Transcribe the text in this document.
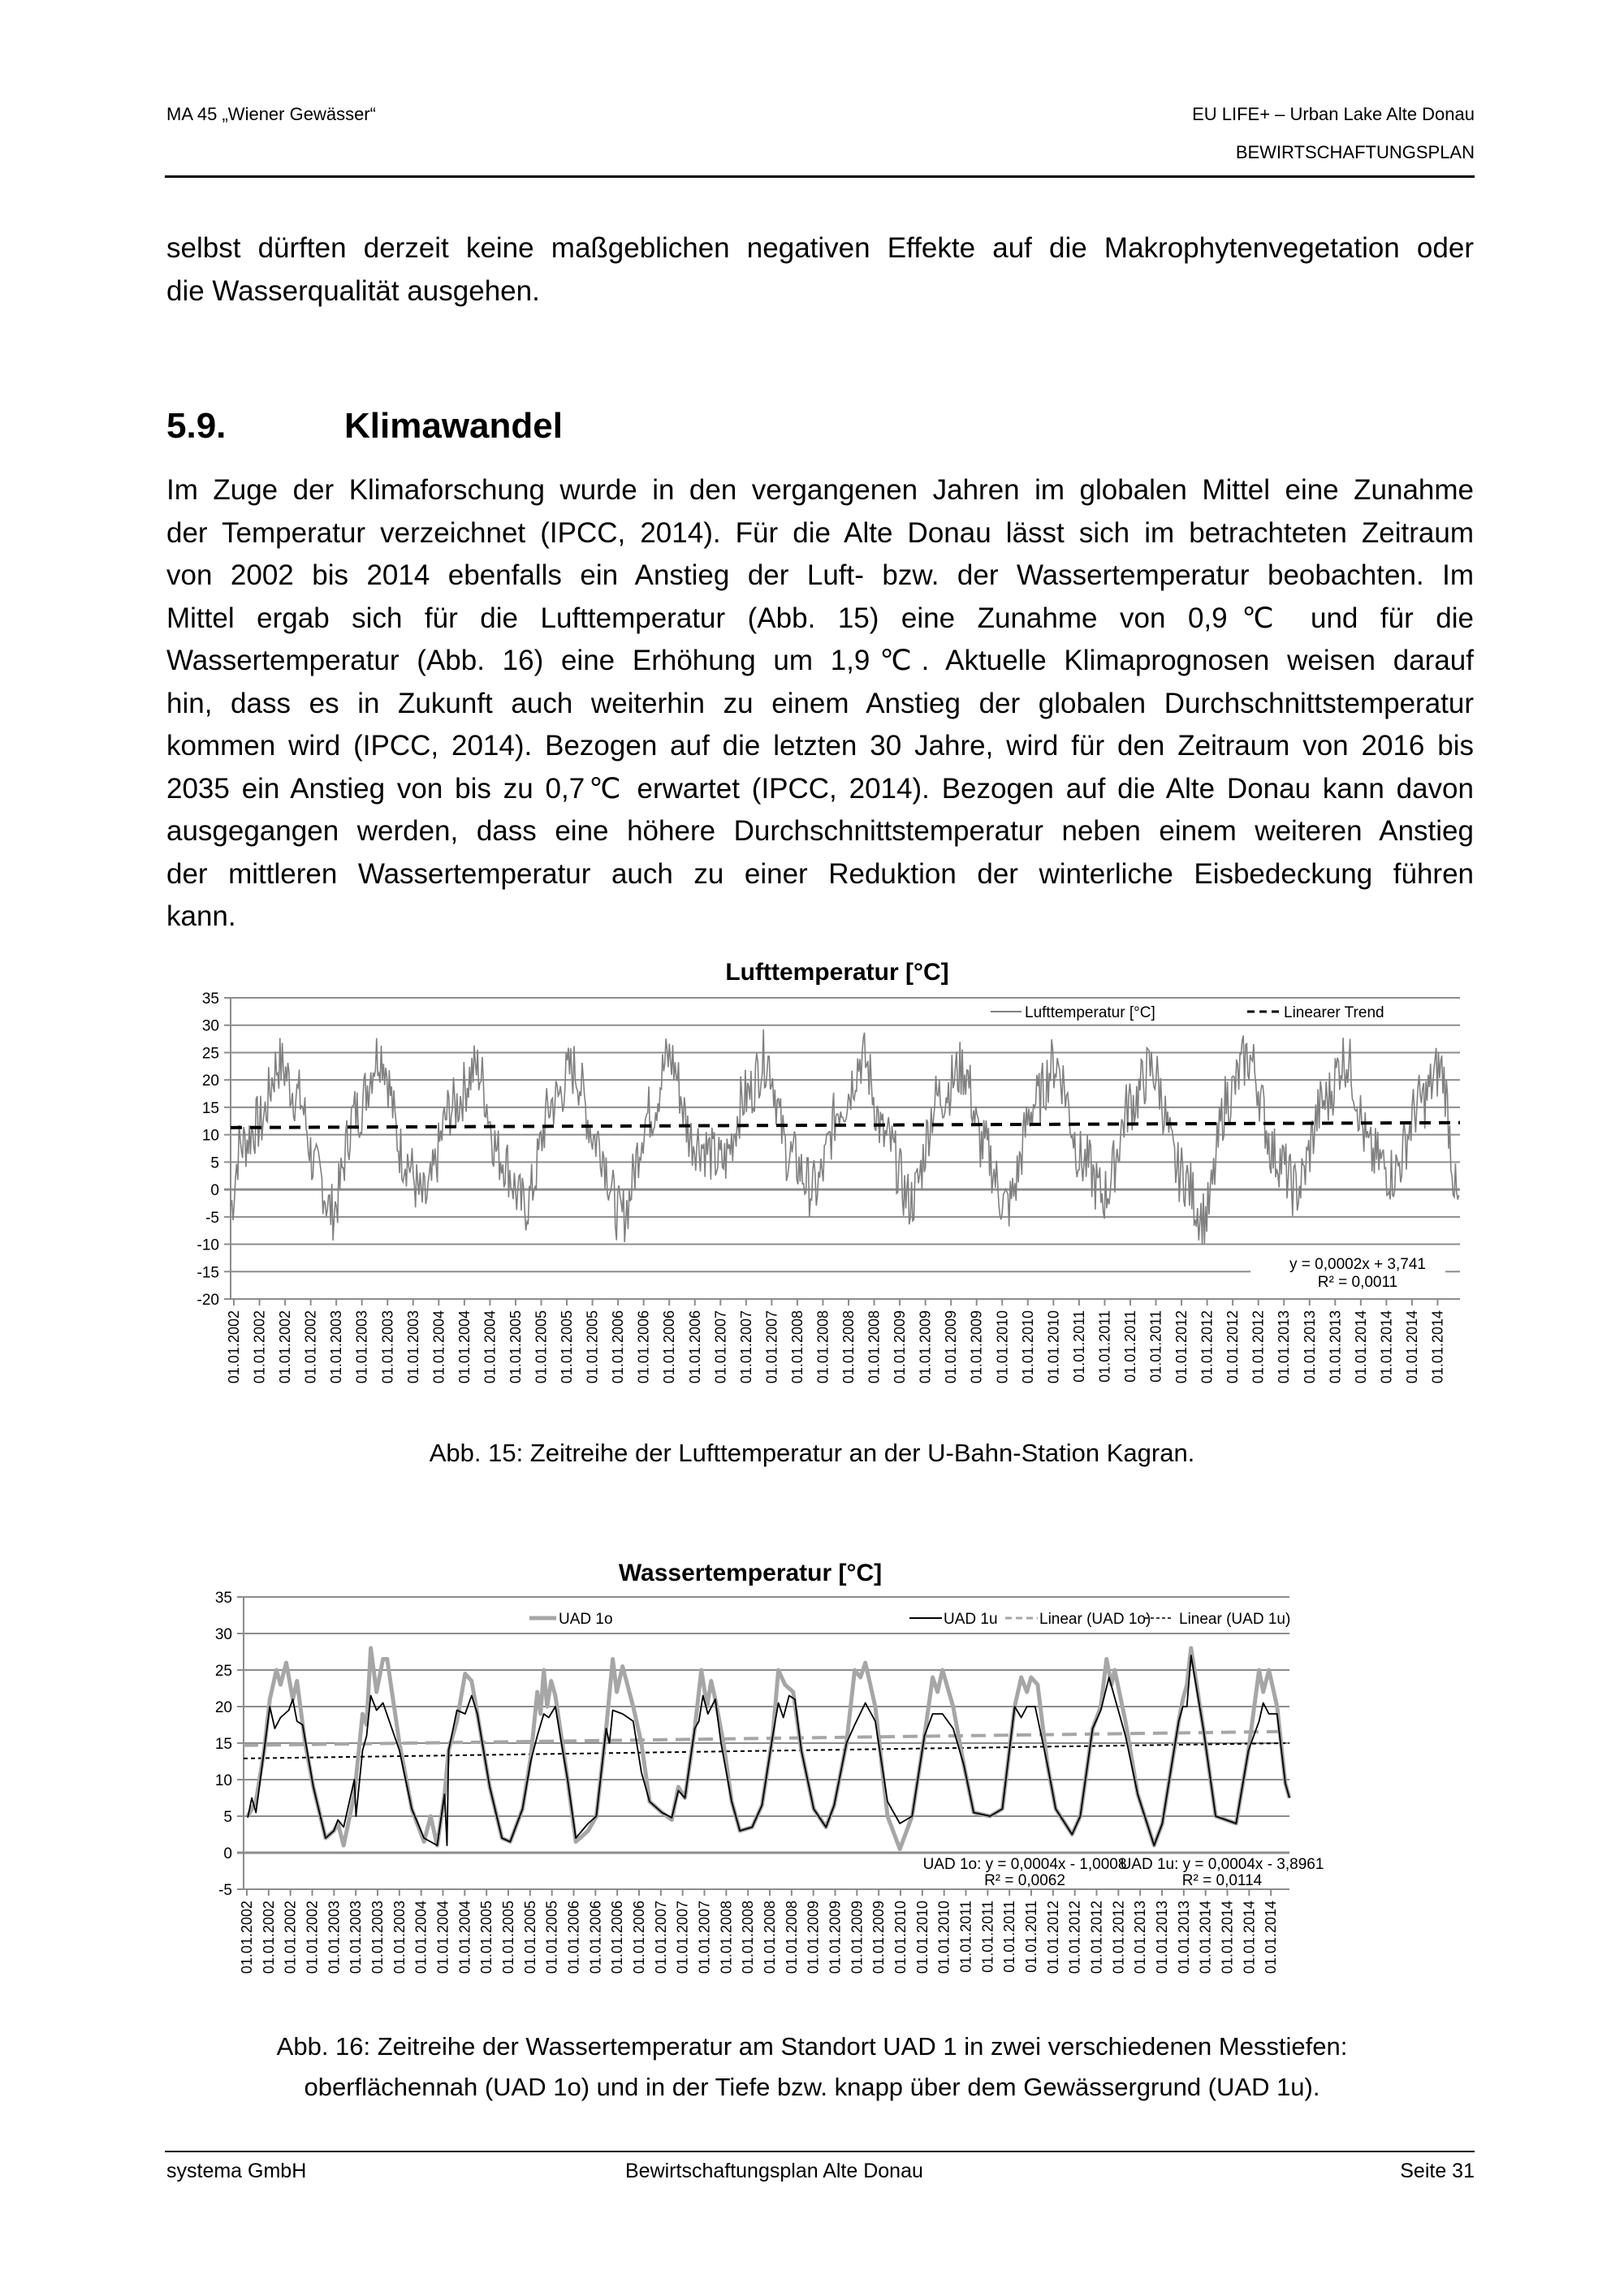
MA 45 „Wiener Gewässer“	EU LIFE+ – Urban Lake Alte Donau
BEWIRTSCHAFTUNGSPLAN
selbst dürften derzeit keine maßgeblichen negativen Effekte auf die Makrophytenvegetation oder
die Wasserqualität ausgehen.
5.9.	Klimawandel
Im Zuge der Klimaforschung wurde in den vergangenen Jahren im globalen Mittel eine Zunahme
der Temperatur verzeichnet (IPCC, 2014). Für die Alte Donau lässt sich im betrachteten Zeitraum
von 2002 bis 2014 ebenfalls ein Anstieg der Luft- bzw. der Wassertemperatur beobachten. Im
Mittel ergab sich für die Lufttemperatur (Abb. 15) eine Zunahme von 0,9℃ und für die
Wassertemperatur (Abb. 16) eine Erhöhung um 1,9℃. Aktuelle Klimaprognosen weisen darauf
hin, dass es in Zukunft auch weiterhin zu einem Anstieg der globalen Durchschnittstemperatur
kommen wird (IPCC, 2014). Bezogen auf die letzten 30 Jahre, wird für den Zeitraum von 2016 bis
2035 ein Anstieg von bis zu 0,7℃ erwartet (IPCC, 2014). Bezogen auf die Alte Donau kann davon
ausgegangen werden, dass eine höhere Durchschnittstemperatur neben einem weiteren Anstieg
der mittleren Wassertemperatur auch zu einer Reduktion der winterliche Eisbedeckung führen
kann.
Lufttemperatur [°C]
35
30
25
20
15
10
5
0
-5
-10
-15
-20
01.01.2002 01.01.2002 01.01.2002 01.01.2002 01.01.2003 01.01.2003 01.01.2003 01.01.2003 01.01.2004 01.01.2004 01.01.2004 01.01.2005 01.01.2005 01.01.2005 01.01.2005 01.01.2006 01.01.2006 01.01.2006 01.01.2006 01.01.2007 01.01.2007 01.01.2007 01.01.2008 01.01.2008 01.01.2008 01.01.2008 01.01.2009 01.01.2009 01.01.2009 01.01.2009 01.01.2010 01.01.2010 01.01.2010 01.01.2011 01.01.2011 01.01.2011 01.01.2011 01.01.2012 01.01.2012 01.01.2012 01.01.2012 01.01.2013 01.01.2013 01.01.2013 01.01.2014 01.01.2014 01.01.2014 01.01.2014
Lufttemperatur [°C]	Linearer Trend
y = 0,0002x + 3,741
R² = 0,0011
Abb. 15: Zeitreihe der Lufttemperatur an der U-Bahn-Station Kagran.
Wassertemperatur [°C]
35
30
25
20
15
10
5
0
-5
01.01.2002 01.01.2002 01.01.2002 01.01.2002 01.01.2003 01.01.2003 01.01.2003 01.01.2003 01.01.2004 01.01.2004 01.01.2004 01.01.2005 01.01.2005 01.01.2005 01.01.2005 01.01.2006 01.01.2006 01.01.2006 01.01.2006 01.01.2007 01.01.2007 01.01.2007 01.01.2008 01.01.2008 01.01.2008 01.01.2008 01.01.2009 01.01.2009 01.01.2009 01.01.2009 01.01.2010 01.01.2010 01.01.2010 01.01.2011 01.01.2011 01.01.2011 01.01.2011 01.01.2012 01.01.2012 01.01.2012 01.01.2012 01.01.2013 01.01.2013 01.01.2013 01.01.2014 01.01.2014 01.01.2014 01.01.2014
UAD 1o	UAD 1u	Linear (UAD 1o) Linear (UAD 1u)
UAD 1o: y = 0,0004x - 1,0008
R² = 0,0062
UAD 1u: y = 0,0004x - 3,8961
R² = 0,0114
Abb. 16: Zeitreihe der Wassertemperatur am Standort UAD 1 in zwei verschiedenen Messtiefen:
oberflächennah (UAD 1o) und in der Tiefe bzw. knapp über dem Gewässergrund (UAD 1u).
systema GmbH	Bewirtschaftungsplan Alte Donau	Seite 31
